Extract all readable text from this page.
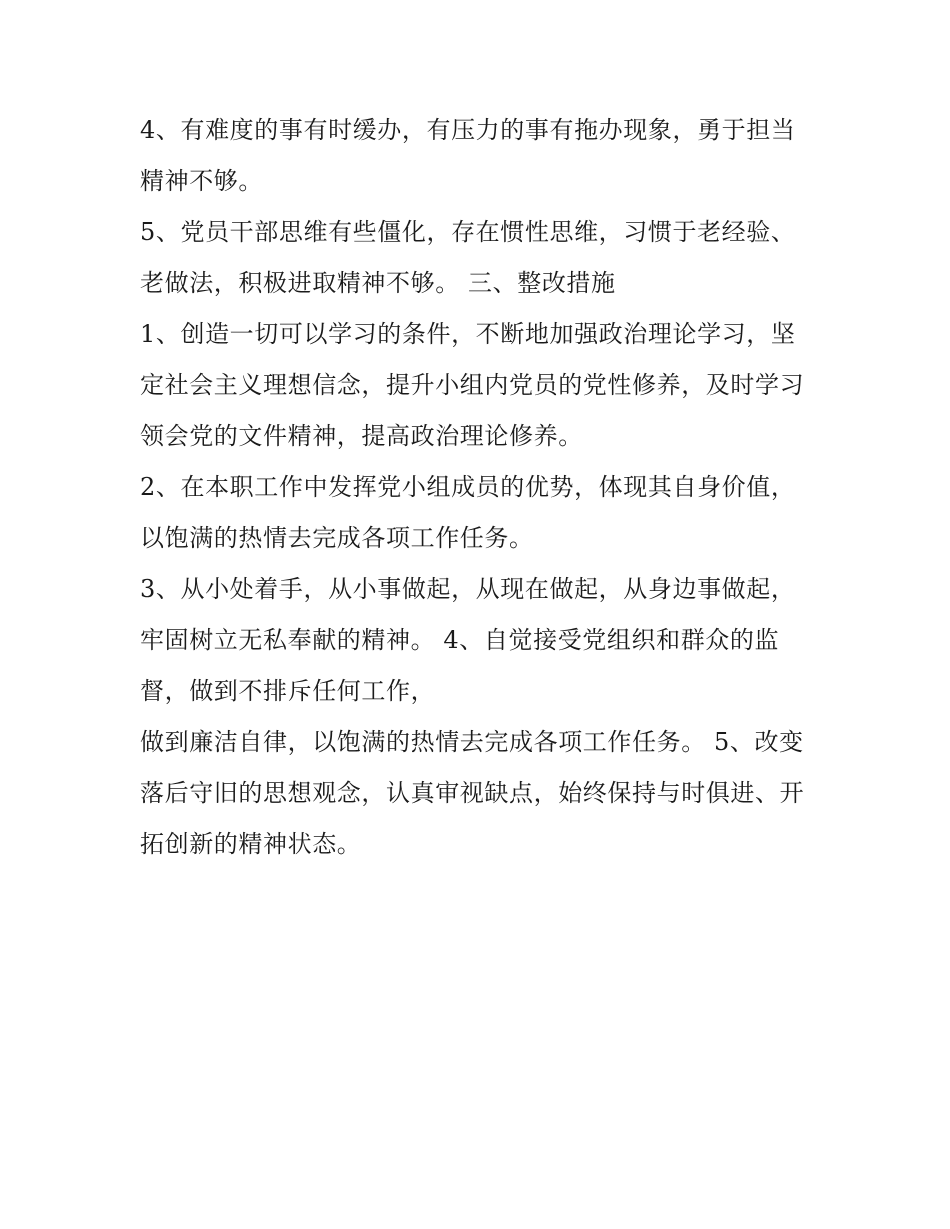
4、有难度的事有时缓办，有压力的事有拖办现象，勇于担当
精神不够。
5、党员干部思维有些僵化，存在惯性思维，习惯于老经验、
老做法，积极进取精神不够。 三、整改措施
1、创造一切可以学习的条件，不断地加强政治理论学习，坚
定社会主义理想信念，提升小组内党员的党性修养，及时学习
领会党的文件精神，提高政治理论修养。
2、在本职工作中发挥党小组成员的优势，体现其自身价值，
以饱满的热情去完成各项工作任务。
3、从小处着手，从小事做起，从现在做起，从身边事做起，
牢固树立无私奉献的精神。 4、自觉接受党组织和群众的监
督，做到不排斥任何工作，
做到廉洁自律，以饱满的热情去完成各项工作任务。 5、改变
落后守旧的思想观念，认真审视缺点，始终保持与时俱进、开
拓创新的精神状态。
